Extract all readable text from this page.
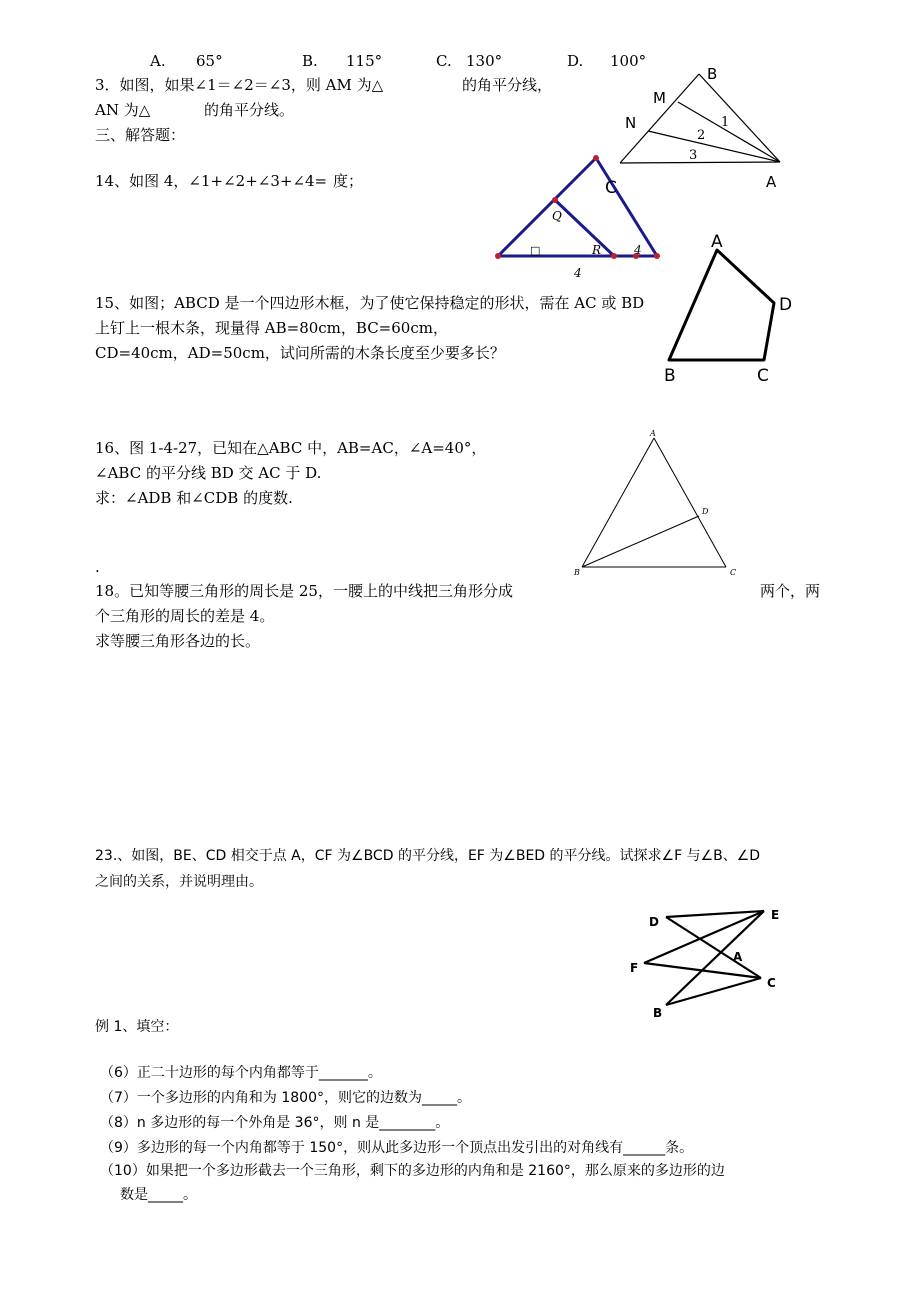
A. 65°	B. 115°	C. 130°	D. 100°
3．如图，如果∠1＝∠2＝∠3，则 AM 为△	的角平分线，
AN 为△	的角平分线。
B
M
N
A
1
2
3
三、解答题：
14、如图 4，∠1+∠2+∠3+∠4= 度；	C
Q
□	R	4
4
15、如图；ABCD 是一个四边形木框，为了使它保持稳定的形状，需在 AC 或 BD
上钉上一根木条，现量得 AB=80cm，BC=60cm，
CD=40cm，AD=50cm，试问所需的木条长度至少要多长？
A
D
B	C
16、图 1-4-27，已知在△ABC 中，AB=AC，∠A=40°，
∠ABC 的平分线 BD 交 AC 于 D.
求：∠ADB 和∠CDB 的度数.
A
D
B	C
.
18。已知等腰三角形的周长是 25，一腰上的中线把三角形分成	两个，两
个三角形的周长的差是 4。
求等腰三角形各边的长。
23.、如图，BE、CD 相交于点 A，CF 为∠BCD 的平分线，EF 为∠BED 的平分线。试探求∠F 与∠B、∠D
之间的关系，并说明理由。
D	E
F
A
C
B
例 1、填空：
（6）正二十边形的每个内角都等于_______。
（7）一个多边形的内角和为 1800°，则它的边数为_____。
（8）n 多边形的每一个外角是 36°，则 n 是________。
（9）多边形的每一个内角都等于 150°，则从此多边形一个顶点出发引出的对角线有______条。
（10）如果把一个多边形截去一个三角形，剩下的多边形的内角和是 2160°，那么原来的多边形的边
数是_____。
